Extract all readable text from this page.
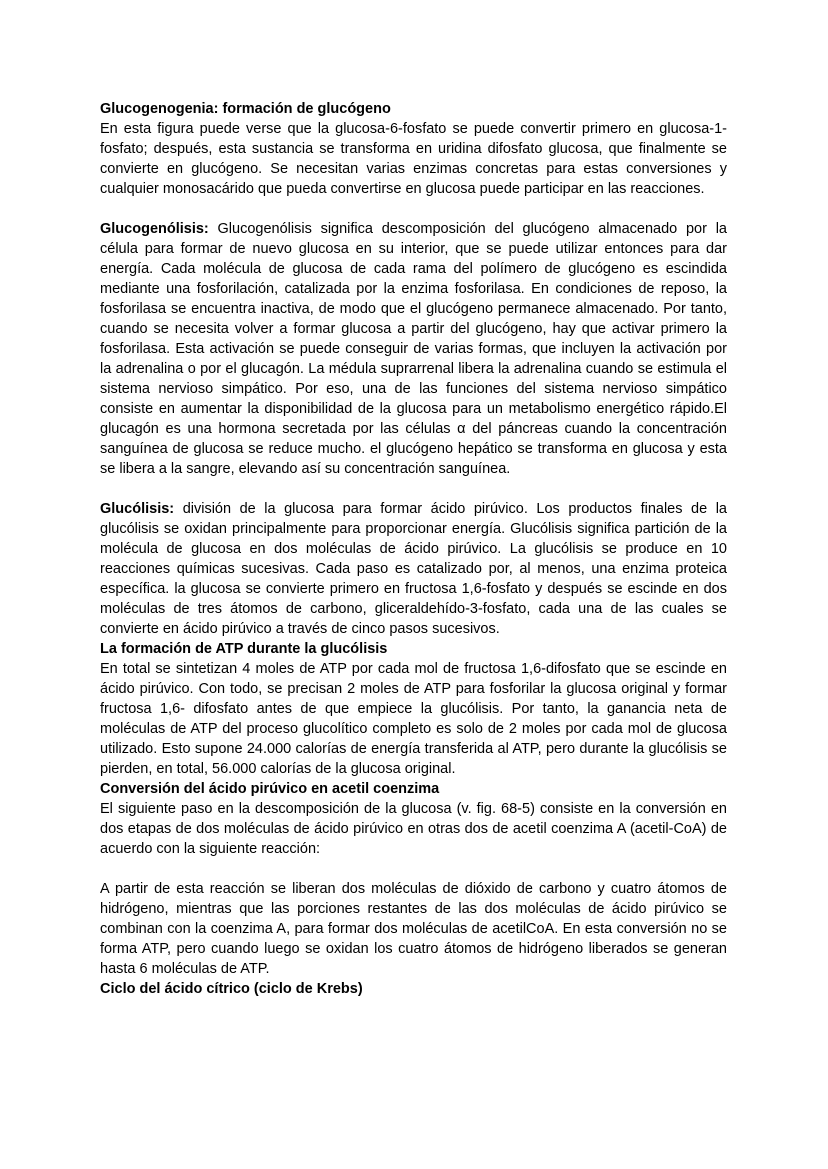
Glucogenogenia: formación de glucógeno

En esta figura puede verse que la glucosa-6-fosfato se puede convertir primero en glucosa-1-fosfato; después, esta sustancia se transforma en uridina difosfato glucosa, que finalmente se convierte en glucógeno. Se necesitan varias enzimas concretas para estas conversiones y cualquier monosacárido que pueda convertirse en glucosa puede participar en las reacciones.

Glucogenólisis: Glucogenólisis significa descomposición del glucógeno almacenado por la célula para formar de nuevo glucosa en su interior, que se puede utilizar entonces para dar energía. Cada molécula de glucosa de cada rama del polímero de glucógeno es escindida mediante una fosforilación, catalizada por la enzima fosforilasa. En condiciones de reposo, la fosforilasa se encuentra inactiva, de modo que el glucógeno permanece almacenado. Por tanto, cuando se necesita volver a formar glucosa a partir del glucógeno, hay que activar primero la fosforilasa. Esta activación se puede conseguir de varias formas, que incluyen la activación por la adrenalina o por el glucagón. La médula suprarrenal libera la adrenalina cuando se estimula el sistema nervioso simpático. Por eso, una de las funciones del sistema nervioso simpático consiste en aumentar la disponibilidad de la glucosa para un metabolismo energético rápido.El glucagón es una hormona secretada por las células α del páncreas cuando la concentración sanguínea de glucosa se reduce mucho. el glucógeno hepático se transforma en glucosa y esta se libera a la sangre, elevando así su concentración sanguínea.

Glucólisis: división de la glucosa para formar ácido pirúvico. Los productos finales de la glucólisis se oxidan principalmente para proporcionar energía. Glucólisis significa partición de la molécula de glucosa en dos moléculas de ácido pirúvico. La glucólisis se produce en 10 reacciones químicas sucesivas. Cada paso es catalizado por, al menos, una enzima proteica específica. la glucosa se convierte primero en fructosa 1,6-fosfato y después se escinde en dos moléculas de tres átomos de carbono, gliceraldehído-3-fosfato, cada una de las cuales se convierte en ácido pirúvico a través de cinco pasos sucesivos.

La formación de ATP durante la glucólisis

En total se sintetizan 4 moles de ATP por cada mol de fructosa 1,6-difosfato que se escinde en ácido pirúvico. Con todo, se precisan 2 moles de ATP para fosforilar la glucosa original y formar fructosa 1,6- difosfato antes de que empiece la glucólisis. Por tanto, la ganancia neta de moléculas de ATP del proceso glucolítico completo es solo de 2 moles por cada mol de glucosa utilizado. Esto supone 24.000 calorías de energía transferida al ATP, pero durante la glucólisis se pierden, en total, 56.000 calorías de la glucosa original.

Conversión del ácido pirúvico en acetil coenzima

El siguiente paso en la descomposición de la glucosa (v. fig. 68-5) consiste en la conversión en dos etapas de dos moléculas de ácido pirúvico en otras dos de acetil coenzima A (acetil-CoA) de acuerdo con la siguiente reacción:

A partir de esta reacción se liberan dos moléculas de dióxido de carbono y cuatro átomos de hidrógeno, mientras que las porciones restantes de las dos moléculas de ácido pirúvico se combinan con la coenzima A, para formar dos moléculas de acetilCoA. En esta conversión no se forma ATP, pero cuando luego se oxidan los cuatro átomos de hidrógeno liberados se generan hasta 6 moléculas de ATP.

Ciclo del ácido cítrico (ciclo de Krebs)
